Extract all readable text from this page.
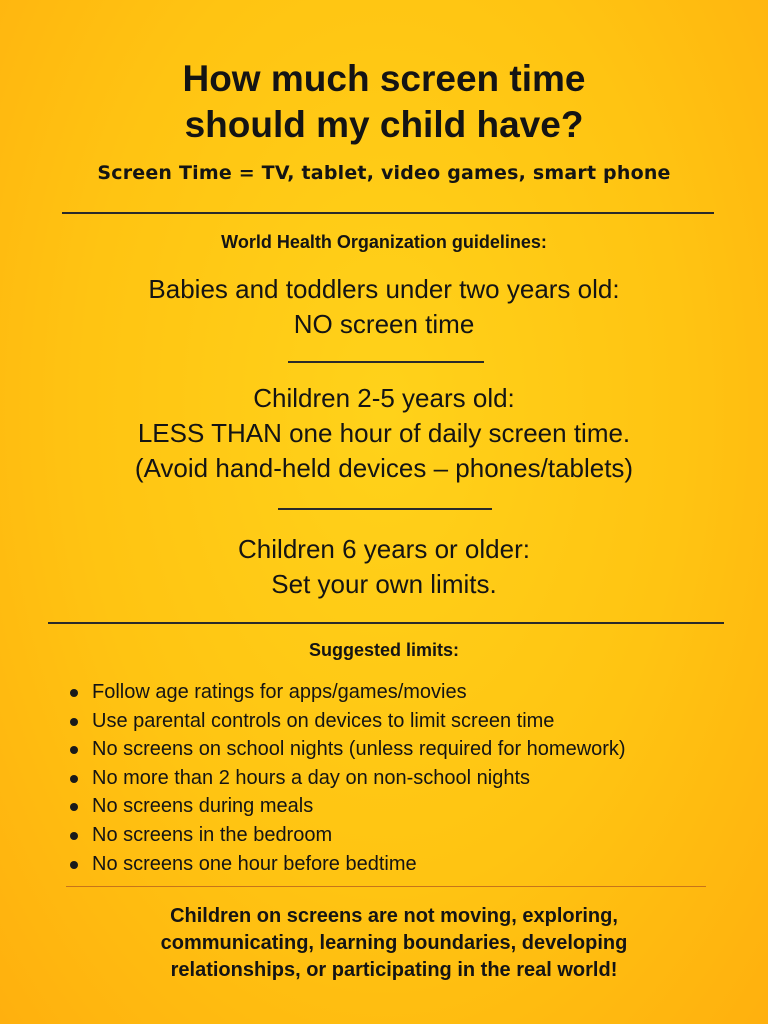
How much screen time
should my child have?
Screen Time = TV, tablet, video games, smart phone
World Health Organization guidelines:
Babies and toddlers under two years old:
NO screen time
Children 2-5 years old:
LESS THAN one hour of daily screen time.
(Avoid hand-held devices – phones/tablets)
Children 6 years or older:
Set your own limits.
Suggested limits:
Follow age ratings for apps/games/movies
Use parental controls on devices to limit screen time
No screens on school nights (unless required for homework)
No more than 2 hours a day on non-school nights
No screens during meals
No screens in the bedroom
No screens one hour before bedtime
Children on screens are not moving, exploring,
communicating, learning boundaries, developing
relationships, or participating in the real world!
